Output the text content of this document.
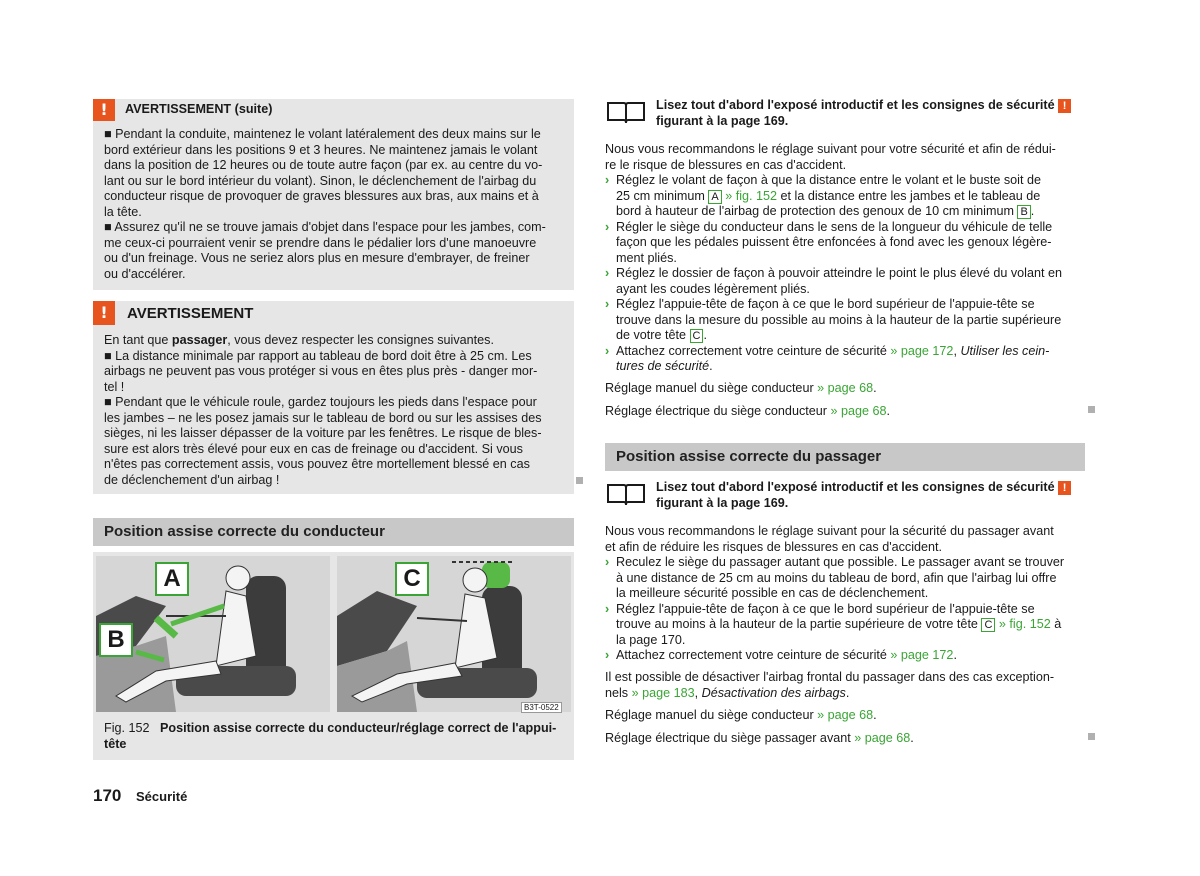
!	AVERTISSEMENT (suite)
■ Pendant la conduite, maintenez le volant latéralement des deux mains sur le
bord extérieur dans les positions 9 et 3 heures. Ne maintenez jamais le volant
dans la position de 12 heures ou de toute autre façon (par ex. au centre du vo-
lant ou sur le bord intérieur du volant). Sinon, le déclenchement de l'airbag du
conducteur risque de provoquer de graves blessures aux bras, aux mains et à
la tête.
■ Assurez qu'il ne se trouve jamais d'objet dans l'espace pour les jambes, com-
me ceux-ci pourraient venir se prendre dans le pédalier lors d'une manoeuvre
ou d'un freinage. Vous ne seriez alors plus en mesure d'embrayer, de freiner
ou d'accélérer.
!	AVERTISSEMENT
En tant que passager, vous devez respecter les consignes suivantes.
■ La distance minimale par rapport au tableau de bord doit être à 25 cm. Les
airbags ne peuvent pas vous protéger si vous en êtes plus près - danger mor-
tel !
■ Pendant que le véhicule roule, gardez toujours les pieds dans l'espace pour
les jambes – ne les posez jamais sur le tableau de bord ou sur les assises des
sièges, ni les laisser dépasser de la voiture par les fenêtres. Le risque de bles-
sure est alors très élevé pour eux en cas de freinage ou d'accident. Si vous
n'êtes pas correctement assis, vous pouvez être mortellement blessé en cas
de déclenchement d'un airbag !
Position assise correcte du conducteur
A
B
C
B3T-0522
Fig. 152 Position assise correcte du conducteur/réglage correct de l'appui-
tête
170 Sécurité
Lisez tout d'abord l'exposé introductif et les consignes de sécurité !
figurant à la page 169.
Nous vous recommandons le réglage suivant pour votre sécurité et afin de rédui-
re le risque de blessures en cas d'accident.
› Réglez le volant de façon à que la distance entre le volant et le buste soit de
25 cm minimum A » fig. 152 et la distance entre les jambes et le tableau de
bord à hauteur de l'airbag de protection des genoux de 10 cm minimum B .
› Régler le siège du conducteur dans le sens de la longueur du véhicule de telle
façon que les pédales puissent être enfoncées à fond avec les genoux légère-
ment pliés.
› Réglez le dossier de façon à pouvoir atteindre le point le plus élevé du volant en
ayant les coudes légèrement pliés.
› Réglez l'appuie-tête de façon à ce que le bord supérieur de l'appuie-tête se
trouve dans la mesure du possible au moins à la hauteur de la partie supérieure
de votre tête C .
› Attachez correctement votre ceinture de sécurité » page 172, Utiliser les cein-
tures de sécurité.
Réglage manuel du siège conducteur » page 68.
Réglage électrique du siège conducteur » page 68.
Position assise correcte du passager
Lisez tout d'abord l'exposé introductif et les consignes de sécurité !
figurant à la page 169.
Nous vous recommandons le réglage suivant pour la sécurité du passager avant
et afin de réduire les risques de blessures en cas d'accident.
› Reculez le siège du passager autant que possible. Le passager avant se trouver
à une distance de 25 cm au moins du tableau de bord, afin que l'airbag lui offre
la meilleure sécurité possible en cas de déclenchement.
› Réglez l'appuie-tête de façon à ce que le bord supérieur de l'appuie-tête se
trouve au moins à la hauteur de la partie supérieure de votre tête C » fig. 152 à
la page 170.
› Attachez correctement votre ceinture de sécurité » page 172.
Il est possible de désactiver l'airbag frontal du passager dans des cas exception-
nels » page 183, Désactivation des airbags.
Réglage manuel du siège conducteur » page 68.
Réglage électrique du siège passager avant » page 68.
